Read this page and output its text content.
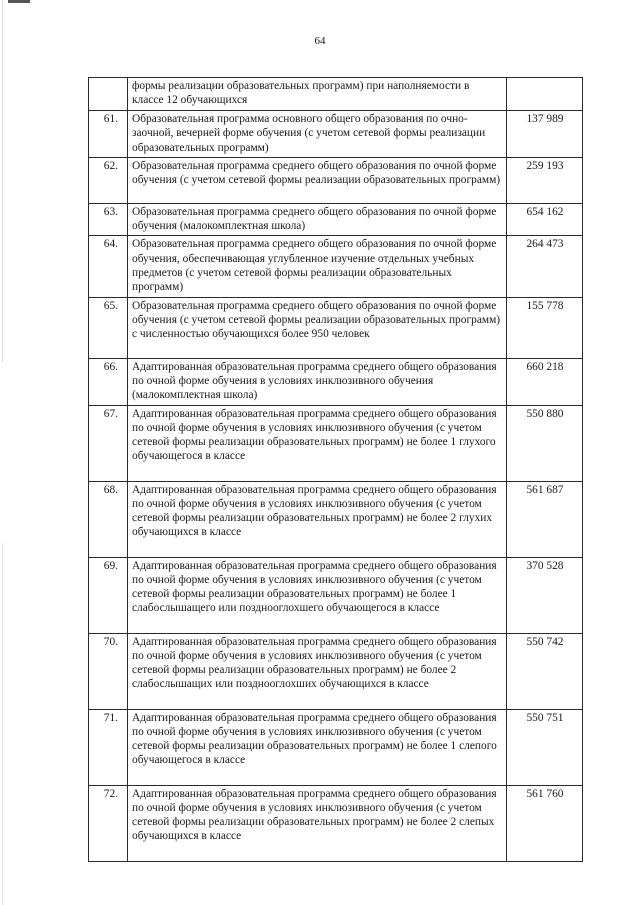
64
	формы реализации образовательных программ) при наполняемости в классе 12 обучающихся	
61.	Образовательная программа основного общего образования по очно-заочной, вечерней форме обучения (с учетом сетевой формы реализации образовательных программ)	137 989
62.	Образовательная программа среднего общего образования по очной форме обучения (с учетом сетевой формы реализации образовательных программ)	259 193
63.	Образовательная программа среднего общего образования по очной форме обучения (малокомплектная школа)	654 162
64.	Образовательная программа среднего общего образования по очной форме обучения, обеспечивающая углубленное изучение отдельных учебных предметов (с учетом сетевой формы реализации образовательных программ)	264 473
65.	Образовательная программа среднего общего образования по очной форме обучения (с учетом сетевой формы реализации образовательных программ) с численностью обучающихся более 950 человек	155 778
66.	Адаптированная образовательная программа среднего общего образования по очной форме обучения в условиях инклюзивного обучения (малокомплектная школа)	660 218
67.	Адаптированная образовательная программа среднего общего образования по очной форме обучения в условиях инклюзивного обучения (с учетом сетевой формы реализации образовательных программ) не более 1 глухого обучающегося в классе	550 880
68.	Адаптированная образовательная программа среднего общего образования по очной форме обучения в условиях инклюзивного обучения (с учетом сетевой формы реализации образовательных программ) не более 2 глухих обучающихся в классе	561 687
69.	Адаптированная образовательная программа среднего общего образования по очной форме обучения в условиях инклюзивного обучения (с учетом сетевой формы реализации образовательных программ) не более 1 слабослышащего или позднооглохшего обучающегося в классе	370 528
70.	Адаптированная образовательная программа среднего общего образования по очной форме обучения в условиях инклюзивного обучения (с учетом сетевой формы реализации образовательных программ) не более 2 слабослышащих или позднооглохших обучающихся в классе	550 742
71.	Адаптированная образовательная программа среднего общего образования по очной форме обучения в условиях инклюзивного обучения (с учетом сетевой формы реализации образовательных программ) не более 1 слепого обучающегося в классе	550 751
72.	Адаптированная образовательная программа среднего общего образования по очной форме обучения в условиях инклюзивного обучения (с учетом сетевой формы реализации образовательных программ) не более 2 слепых обучающихся в классе	561 760
